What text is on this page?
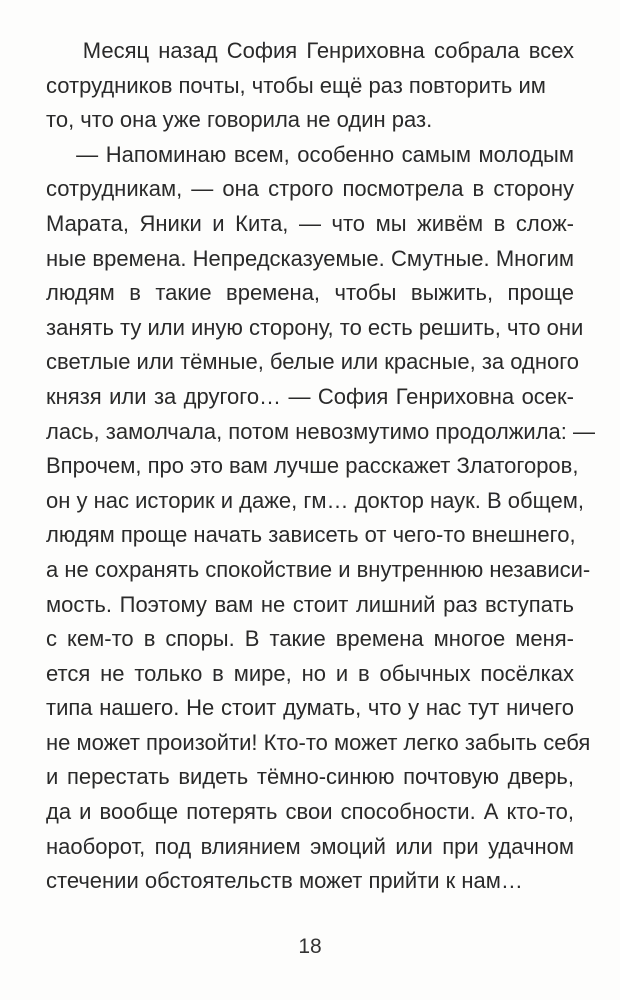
Месяц назад София Генриховна собрала всех
сотрудников почты, чтобы ещё раз повторить им
то, что она уже говорила не один раз.
— Напоминаю всем, особенно самым молодым
сотрудникам, — она строго посмотрела в сторону
Марата, Яники и Кита, — что мы живём в слож-
ные времена. Непредсказуемые. Смутные. Многим
людям в такие времена, чтобы выжить, проще
занять ту или иную сторону, то есть решить, что они
светлые или тёмные, белые или красные, за одного
князя или за другого… — София Генриховна осек-
лась, замолчала, потом невозмутимо продолжила: —
Впрочем, про это вам лучше расскажет Златогоров,
он у нас историк и даже, гм… доктор наук. В общем,
людям проще начать зависеть от чего-то внешнего,
а не сохранять спокойствие и внутреннюю независи-
мость. Поэтому вам не стоит лишний раз вступать
с кем-то в споры. В такие времена многое меня-
ется не только в мире, но и в обычных посёлках
типа нашего. Не стоит думать, что у нас тут ничего
не может произойти! Кто-то может легко забыть себя
и перестать видеть тёмно-синюю почтовую дверь,
да и вообще потерять свои способности. А кто-то,
наоборот, под влиянием эмоций или при удачном
стечении обстоятельств может прийти к нам…
18
